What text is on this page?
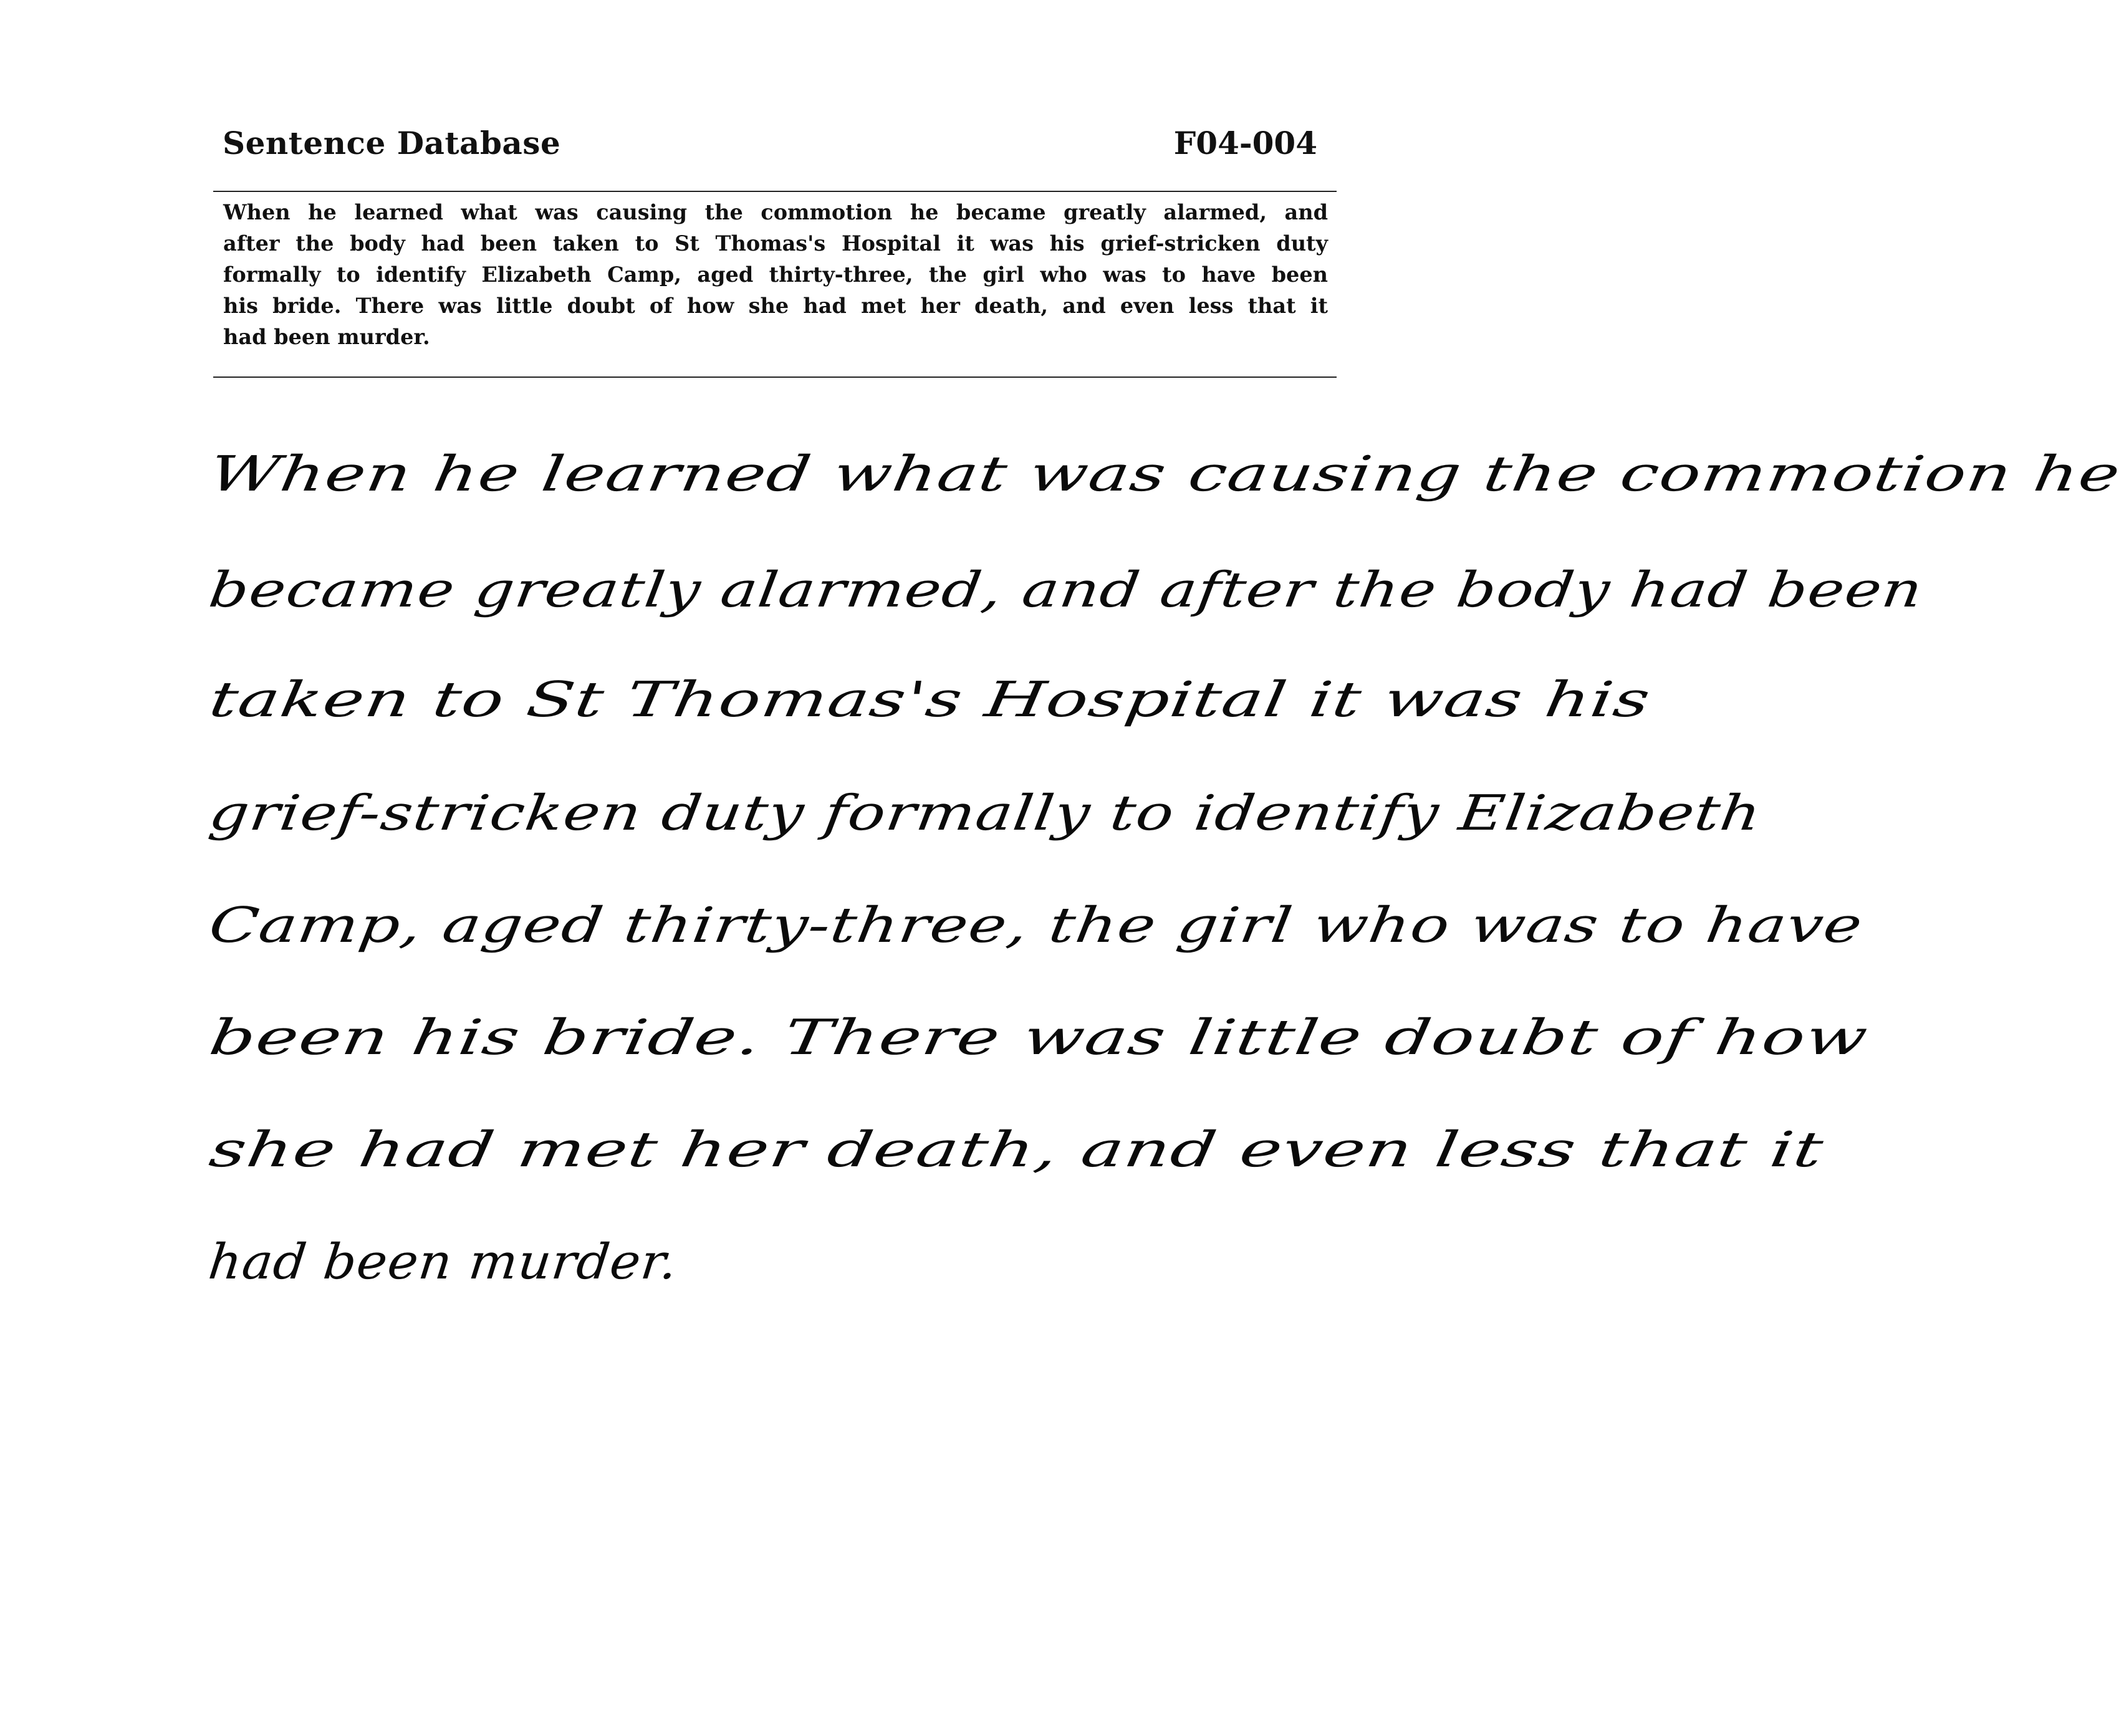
Sentence Database	F04-004
When he learned what was causing the commotion he became greatly alarmed, and
after the body had been taken to St Thomas's Hospital it was his grief-stricken duty
formally to identify Elizabeth Camp, aged thirty-three, the girl who was to have been
his bride. There was little doubt of how she had met her death, and even less that it
had been murder.
When he learned what was causing the commotion he
became greatly alarmed, and after the body had been
taken to St Thomas's Hospital it was his
grief-stricken duty formally to identify Elizabeth
Camp, aged thirty-three, the girl who was to have
been his bride. There was little doubt of how
she had met her death, and even less that it
had been murder.
